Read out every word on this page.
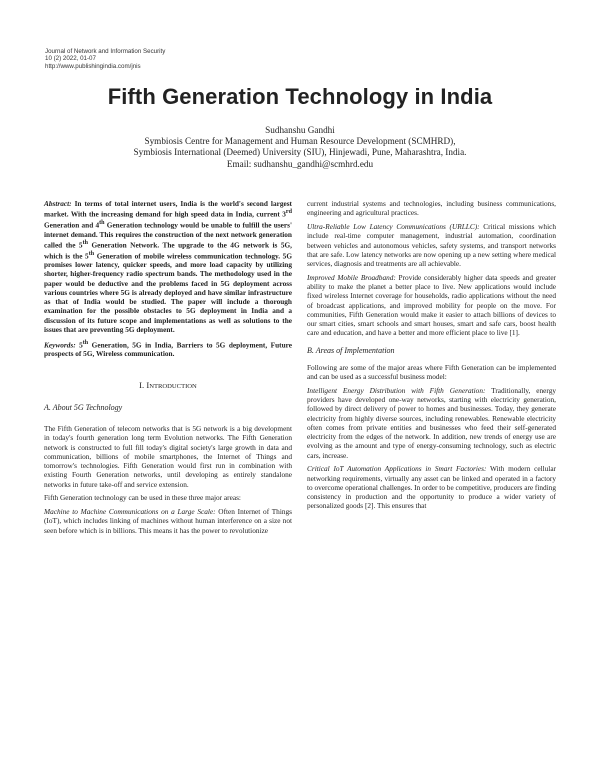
Journal of Network and Information Security
10 (2) 2022, 01-07
http://www.publishingindia.com/jnis
Fifth Generation Technology in India
Sudhanshu Gandhi
Symbiosis Centre for Management and Human Resource Development (SCMHRD),
Symbiosis International (Deemed) University (SIU), Hinjewadi, Pune, Maharashtra, India.
Email: sudhanshu_gandhi@scmhrd.edu

Abstract: In terms of total internet users, India is the world's second largest market. With the increasing demand for high speed data in India, current 3rd Generation and 4th Generation technology would be unable to fulfill the users' internet demand. This requires the construction of the next network generation called the 5th Generation Network. The upgrade to the 4G network is 5G, which is the 5th Generation of mobile wireless communication technology. 5G promises lower latency, quicker speeds, and more load capacity by utilizing shorter, higher-frequency radio spectrum bands. The methodology used in the paper would be deductive and the problems faced in 5G deployment across various countries where 5G is already deployed and have similar infrastructure as that of India would be studied. The paper will include a thorough examination for the possible obstacles to 5G deployment in India and a discussion of its future scope and implementations as well as solutions to the issues that are preventing 5G deployment.

Keywords: 5th Generation, 5G in India, Barriers to 5G deployment, Future prospects of 5G, Wireless communication.

I. INTRODUCTION
A. About 5G Technology

The Fifth Generation of telecom networks that is 5G network is a big development in today's fourth generation long term Evolution networks. The Fifth Generation network is constructed to full fill today's digital society's large growth in data and communication, billions of mobile smartphones, the Internet of Things and tomorrow's technologies. Fifth Generation would first run in combination with existing Fourth Generation networks, until developing as entirely standalone networks in future take-off and service extension.

Fifth Generation technology can be used in these three major areas:

Machine to Machine Communications on a Large Scale: Often Internet of Things (IoT), which includes linking of machines without human interference on a size not seen before which is in billions. This means it has the power to revolutionize

current industrial systems and technologies, including business communications, engineering and agricultural practices.

Ultra-Reliable Low Latency Communications (URLLC): Critical missions which include real-time computer management, industrial automation, coordination between vehicles and autonomous vehicles, safety systems, and transport networks that are safe. Low latency networks are now opening up a new setting where medical services, diagnosis and treatments are all achievable.

Improved Mobile Broadband: Provide considerably higher data speeds and greater ability to make the planet a better place to live. New applications would include fixed wireless Internet coverage for households, radio applications without the need of broadcast applications, and improved mobility for people on the move. For communities, Fifth Generation would make it easier to attach billions of devices to our smart cities, smart schools and smart houses, smart and safe cars, boost health care and education, and have a better and more efficient place to live [1].

B. Areas of Implementation

Following are some of the major areas where Fifth Generation can be implemented and can be used as a successful business model:

Intelligent Energy Distribution with Fifth Generation: Traditionally, energy providers have developed one-way networks, starting with electricity generation, followed by direct delivery of power to homes and businesses. Today, they generate electricity from highly diverse sources, including renewables. Renewable electricity often comes from private entities and businesses who feed their self-generated electricity from the edges of the network. In addition, new trends of energy use are evolving as the amount and type of energy-consuming technology, such as electric cars, increase.

Critical IoT Automation Applications in Smart Factories: With modern cellular networking requirements, virtually any asset can be linked and operated in a factory to overcome operational challenges. In order to be competitive, producers are finding consistency in production and the opportunity to produce a wider variety of personalized goods [2]. This ensures that
